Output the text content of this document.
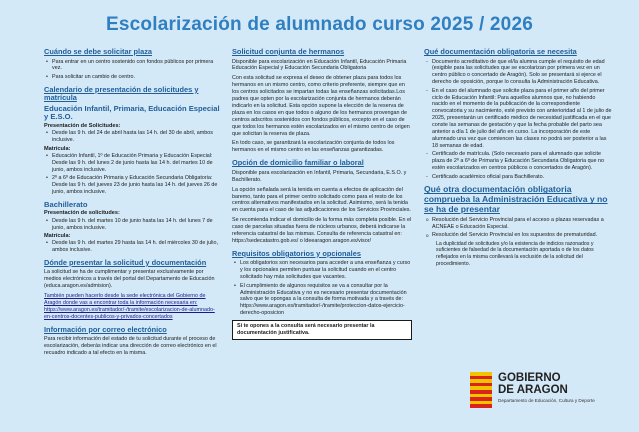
Escolarización de alumnado curso 2025 / 2026
Cuándo se debe solicitar plaza
• Para entrar en un centro sostenido con fondos públicos por primera vez.
• Para solicitar un cambio de centro.
Calendario de presentación de solicitudes y matrícula
Educación Infantil, Primaria, Educación Especial y E.S.O.
Presentación de Solicitudes:
• Desde las 9 h. del 24 de abril hasta las 14 h. del 30 de abril, ambos inclusive.
Matrícula:
• Educación Infantil, 1º de Educación Primaria y Educación Especial: Desde las 9 h. del lunes 2 de junio hasta las 14 h. del martes 10 de junio, ambos inclusive.
• 2º a 6º de Educación Primaria y Educación Secundaria Obligatoria: Desde las 9 h. del jueves 23 de junio hasta las 14 h. del jueves 26 de junio, ambos inclusive.
Bachillerato
Presentación de solicitudes:
• Desde las 9 h. del martes 10 de junio hasta las 14 h. del lunes 7 de junio, ambos inclusive.
Matrícula:
• Desde las 9 h. del martes 29 hasta las 14 h. del miércoles 30 de julio, ambos inclusive.
Dónde presentar la solicitud y documentación

La solicitud se ha de cumplimentar y presentar exclusivamente por medios electrónicos a través del portal del Departamento de Educación (educa.aragon.es/admision).

También pueden hacerlo desde la sede electrónica del Gobierno de Aragón donde vas a encontrar toda la información necesaria en: https://www.aragon.es/tramitador/-/tramite/escolarizacion-de-alumnado-en-centros-docentes-publicos-y-privados-concertados

Información por correo electrónico

Para recibir información del estado de tu solicitud durante el proceso de escolarización, deberás indicar una dirección de correo electrónico en el recuadro indicado a tal efecto en la misma.

Solicitud conjunta de hermanos

Disponible para escolarización en Educación Infantil, Educación Primaria Educación Especial y Educación Secundaria Obligatoria

Con esta solicitud se expresa el deseo de obtener plaza para todos los hermanos en un mismo centro, como criterio preferente, siempre que en los centros solicitados se impartan todas las enseñanzas solicitadas.Los padres que opten por la escolarización conjunta de hermanos deberán indicarlo en la solicitud. Esta opción supone la elección de la reserva de plaza en los casos en que todos o alguno de los hermanos provengan de centros adscritos sostenidos con fondos públicos, excepto en el caso de que todos los hermanos estén escolarizados en el mismo centro de origen que solicitan la reserva de plaza.

En todo caso, se garantizará la escolarización conjunta de todos los hermanos en el mismo centro en las enseñanzas garantizadas.

Opción de domicilio familiar o laboral

Disponible para escolarización en Infantil, Primaria, Secundaria, E.S.O. y Bachillerato.

La opción señalada será la tenida en cuenta a efectos de aplicación del baremo, tanto para el primer centro solicitado como para el resto de los centros alternativos manifestados en la solicitud. Asimismo, será la tenida en cuenta para el caso de las adjudicaciones de los Servicios Provinciales.

Se recomienda indicar el domicilio de la forma más completa posible. En el caso de parcelas situadas fuera de núcleos urbanos, deberá indicarse la referencia catastral de las mismas. Consulta de referencia catastral en: https://sedecatastro.gob.es/ o ldeearagon.aragon.es/visor/

Requisitos obligatorios y opcionales
• Los obligatorios son necesarios para acceder a una enseñanza y curso y los opcionales permiten puntuar la solicitud cuando en el centro solicitado hay más solicitudes que vacantes.
• El cumplimiento de algunos requisitos se va a consultar por la Administración Educativa y no es necesario presentar documentación salvo que te opongas a la consulta de forma motivada y a través de: https://www.aragon.es/tramitador/-/tramite/proteccion-datos-ejercicio-derecho-oposicion
Si te opones a la consulta será necesario presentar la documentación justificativa.
Qué documentación obligatoria se necesita
- Documento acreditativo de que el/la alumna cumple el requisito de edad (exigible para las solicitudes que se escolarizan por primera vez en un centro público o concertado de Aragón). Solo se presentará si ejerce el derecho de oposición, porque lo consulta la Administración Educativa.
- En el caso del alumnado que solicite plaza para el primer año del primer ciclo de Educación Infantil: Para aquellos alumnos que, no habiendo nacido en el momento de la publicación de la correspondiente convocatoria y su nacimiento, esté previsto con anterioridad al 1 de julio de 2025, presentarán un certificado médico de necesidad justificada en el que conste las semanas de gestación y que la fecha probable del parto sea anterior a día 1 de julio del año en curso. La incorporación de este alumnado una vez que comiencen las clases no podrá ser posterior a las 18 semanas de edad.
- Certificado de matrícula. (Solo necesario para el alumnado que solicite plaza de 2º a 6º de Primaria y Educación Secundaria Obligatoria que no estén escolarizados en centros públicos o concertados de Aragón).
- Certificado académico oficial para Bachillerato.
Qué otra documentación obligatoria comprueba la Administración Educativa y no se ha de presentar
o Resolución del Servicio Provincial para el acceso a plazas reservadas a ACNEAE o Educación Especial.
o Resolución del Servicio Provincial en los supuestos de prematuridad.

La duplicidad de solicitudes y/o la existencia de indicios razonados y suficientes de falsedad de la documentación aportada o de los datos reflejados en la misma conllevará la exclusión de la solicitud del procedimiento.

GOBIERNO
DE ARAGON
Departamento de Educación, Cultura y Deporte
